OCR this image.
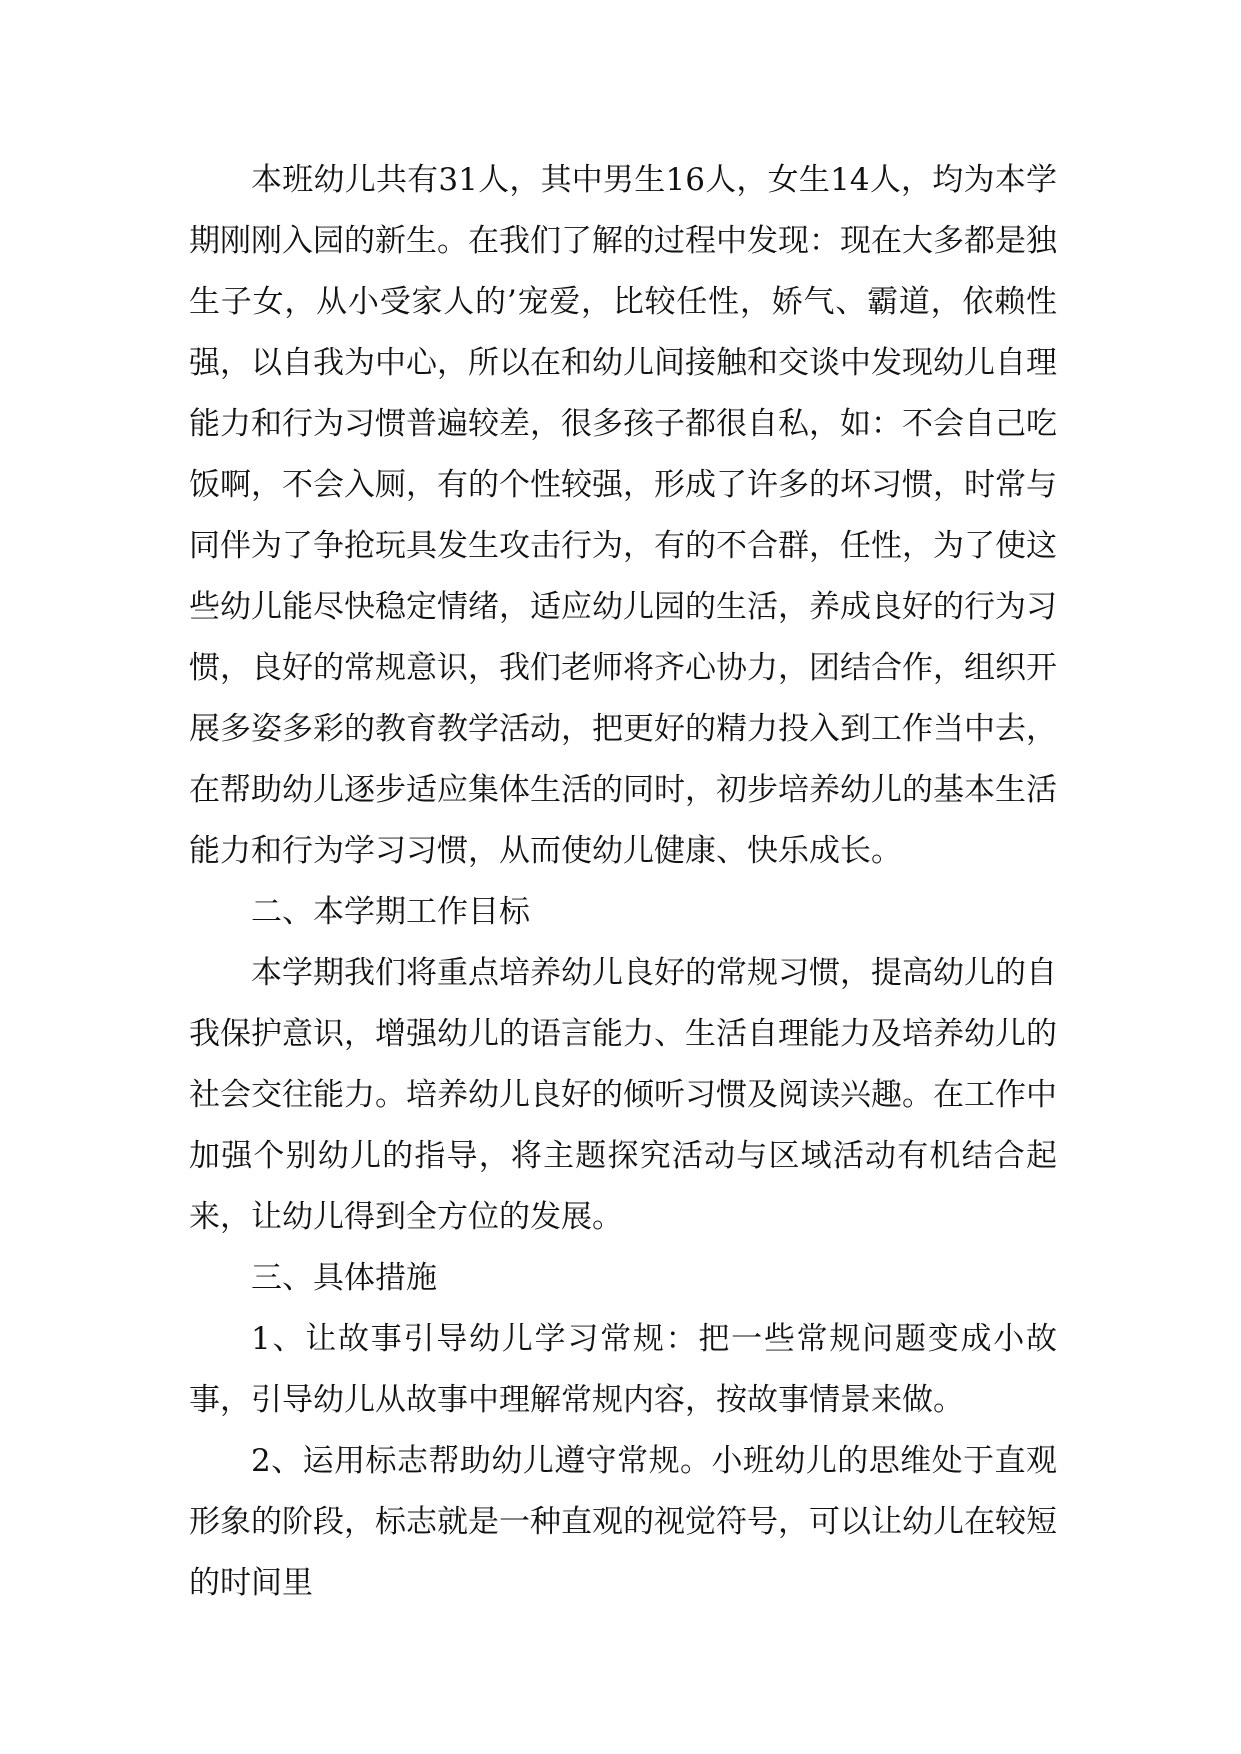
本班幼儿共有31人，其中男生16人，女生14人，均为本学期刚刚入园的新生。在我们了解的过程中发现：现在大多都是独生子女，从小受家人的’宠爱，比较任性，娇气、霸道，依赖性强，以自我为中心，所以在和幼儿间接触和交谈中发现幼儿自理能力和行为习惯普遍较差，很多孩子都很自私，如：不会自己吃饭啊，不会入厕，有的个性较强，形成了许多的坏习惯，时常与同伴为了争抢玩具发生攻击行为，有的不合群，任性，为了使这些幼儿能尽快稳定情绪，适应幼儿园的生活，养成良好的行为习惯，良好的常规意识，我们老师将齐心协力，团结合作，组织开展多姿多彩的教育教学活动，把更好的精力投入到工作当中去，在帮助幼儿逐步适应集体生活的同时，初步培养幼儿的基本生活能力和行为学习习惯，从而使幼儿健康、快乐成长。

二、本学期工作目标

本学期我们将重点培养幼儿良好的常规习惯，提高幼儿的自我保护意识，增强幼儿的语言能力、生活自理能力及培养幼儿的社会交往能力。培养幼儿良好的倾听习惯及阅读兴趣。在工作中加强个别幼儿的指导，将主题探究活动与区域活动有机结合起来，让幼儿得到全方位的发展。

三、具体措施

1、让故事引导幼儿学习常规：把一些常规问题变成小故事，引导幼儿从故事中理解常规内容，按故事情景来做。

2、运用标志帮助幼儿遵守常规。小班幼儿的思维处于直观形象的阶段，标志就是一种直观的视觉符号，可以让幼儿在较短的时间里
